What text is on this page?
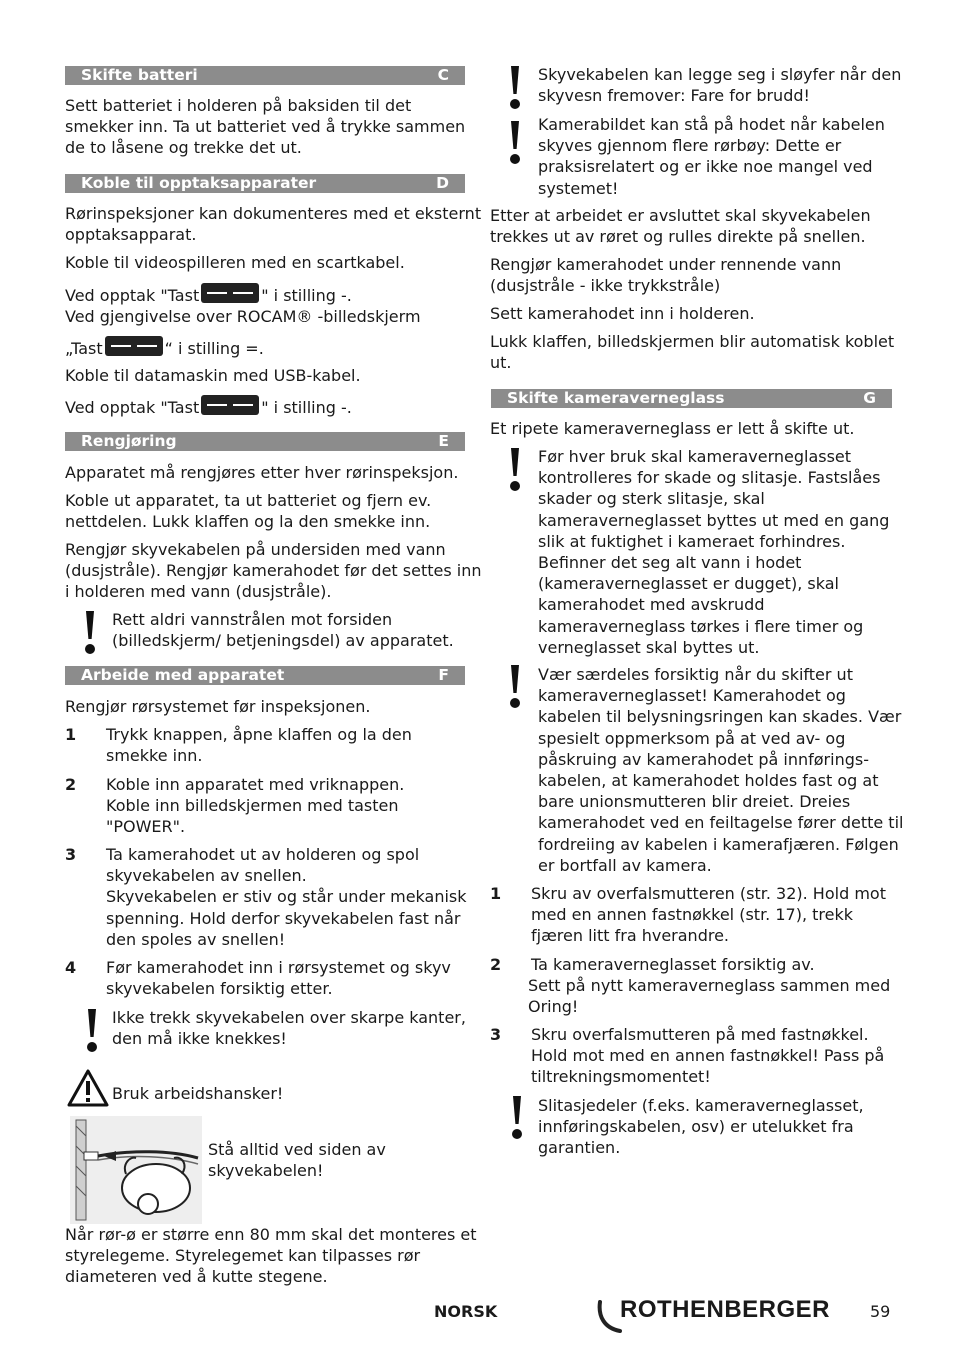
Skifte batteri	C
Sett batteriet i holderen på baksiden til det
smekker inn. Ta ut batteriet ved å trykke sammen
de to låsene og trekke det ut.
Koble til opptaksapparater	D
Rørinspeksjoner kan dokumenteres med et eksternt
opptaksapparat.
Koble til videospilleren med en scartkabel.
Ved opptak "Tast	" i stilling -.
Ved gjengivelse over ROCAM® -billedskjerm
„Tast	“ i stilling =.
Koble til datamaskin med USB-kabel.
Ved opptak "Tast	" i stilling -.
Rengjøring	E
Apparatet må rengjøres etter hver rørinspeksjon.
Koble ut apparatet, ta ut batteriet og fjern ev.
nettdelen. Lukk klaffen og la den smekke inn.
Rengjør skyvekabelen på undersiden med vann
(dusjstråle). Rengjør kamerahodet før det settes inn
i holderen med vann (dusjstråle).
Rett aldri vannstrålen mot forsiden
(billedskjerm/ betjeningsdel) av apparatet.
Arbeide med apparatet	F
Rengjør rørsystemet før inspeksjonen.
1 Trykk knappen, åpne klaffen og la den
smekke inn.
2 Koble inn apparatet med vriknappen.
Koble inn billedskjermen med tasten
"POWER".
3 Ta kamerahodet ut av holderen og spol
skyvekabelen av snellen.
Skyvekabelen er stiv og står under mekanisk
spenning. Hold derfor skyvekabelen fast når
den spoles av snellen!
4 Før kamerahodet inn i rørsystemet og skyv
skyvekabelen forsiktig etter.
Ikke trekk skyvekabelen over skarpe kanter,
den må ikke knekkes!
Bruk arbeidshansker!
Stå alltid ved siden av
skyvekabelen!
Når rør-ø er større enn 80 mm skal det monteres et
styrelegeme. Styrelegemet kan tilpasses rør
diameteren ved å kutte stegene.
Skyvekabelen kan legge seg i sløyfer når den
skyvesn fremover: Fare for brudd!
Kamerabildet kan stå på hodet når kabelen
skyves gjennom flere rørbøy: Dette er
praksisrelatert og er ikke noe mangel ved
systemet!
Etter at arbeidet er avsluttet skal skyvekabelen
trekkes ut av røret og rulles direkte på snellen.
Rengjør kamerahodet under rennende vann
(dusjstråle - ikke trykkstråle)
Sett kamerahodet inn i holderen.
Lukk klaffen, billedskjermen blir automatisk koblet
ut.
Skifte kameraverneglass	G
Et ripete kameraverneglass er lett å skifte ut.
Før hver bruk skal kameraverneglasset
kontrolleres for skade og slitasje. Fastslåes
skader og sterk slitasje, skal
kameraverneglasset byttes ut med en gang
slik at fuktighet i kameraet forhindres.
Befinner det seg alt vann i hodet
(kameraverneglasset er dugget), skal
kamerahodet med avskrudd
kameraverneglass tørkes i flere timer og
verneglasset skal byttes ut.
Vær særdeles forsiktig når du skifter ut
kameraverneglasset! Kamerahodet og
kabelen til belysningsringen kan skades. Vær
spesielt oppmerksom på at ved av- og
påskruing av kamerahodet på innførings-
kabelen, at kamerahodet holdes fast og at
bare unionsmutteren blir dreiet. Dreies
kamerahodet ved en feiltagelse fører dette til
fordreiing av kabelen i kamerafjæren. Følgen
er bortfall av kamera.
1 Skru av overfalsmutteren (str. 32). Hold mot
med en annen fastnøkkel (str. 17), trekk
fjæren litt fra hverandre.
2 Ta kameraverneglasset forsiktig av.
Sett på nytt kameraverneglass sammen med
Oring!
3 Skru overfalsmutteren på med fastnøkkel.
Hold mot med en annen fastnøkkel! Pass på
tiltrekningsmomentet!
Slitasjedeler (f.eks. kameraverneglasset,
innføringskabelen, osv) er utelukket fra
garantien.
NORSK	ROTHENBERGER 59
